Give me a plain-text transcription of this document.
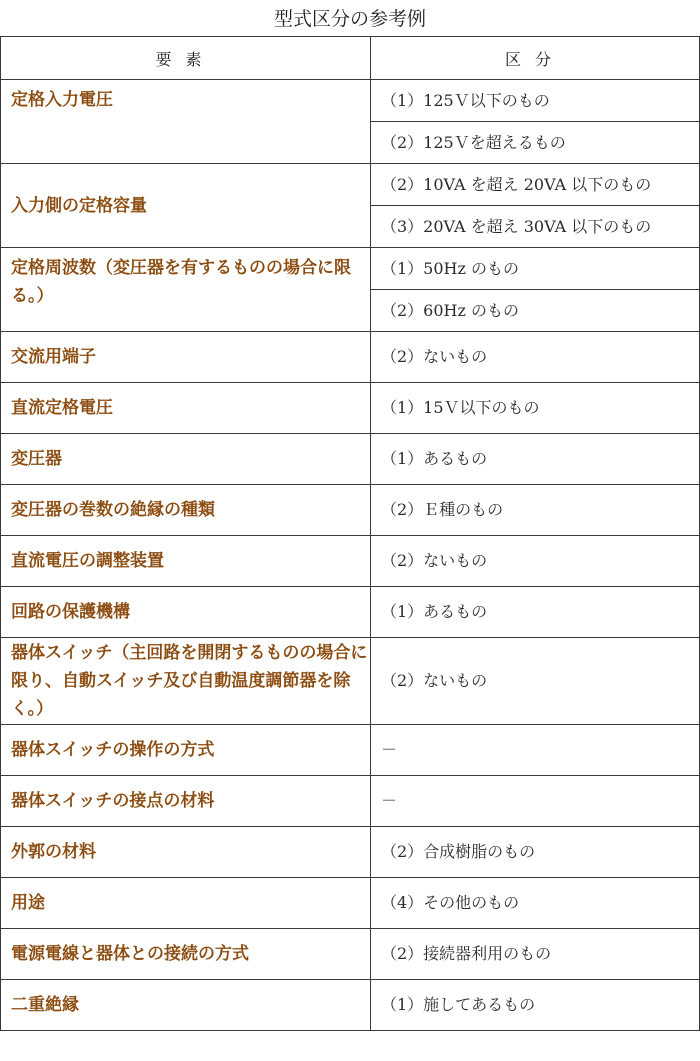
型式区分の参考例
要素	区分
定格入力電圧	（1）125Ｖ以下のもの
	（2）125Ｖを超えるもの
入力側の定格容量	（2）10VA を超え 20VA 以下のもの
	（3）20VA を超え 30VA 以下のもの
定格周波数（変圧器を有するものの場合に限る。）	（1）50Hz のもの
	（2）60Hz のもの
交流用端子	（2）ないもの
直流定格電圧	（1）15Ｖ以下のもの
変圧器	（1）あるもの
変圧器の巻数の絶縁の種類	（2）Ｅ種のもの
直流電圧の調整装置	（2）ないもの
回路の保護機構	（1）あるもの
器体スイッチ（主回路を開閉するものの場合に限り、自動スイッチ及び自動温度調節器を除く。）	（2）ないもの
器体スイッチの操作の方式	－
器体スイッチの接点の材料	－
外郭の材料	（2）合成樹脂のもの
用途	（4）その他のもの
電源電線と器体との接続の方式	（2）接続器利用のもの
二重絶縁	（1）施してあるもの
